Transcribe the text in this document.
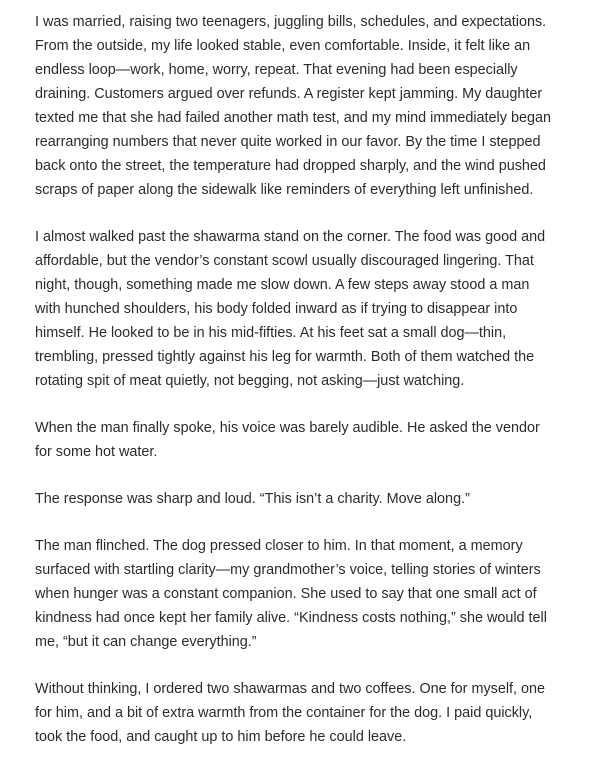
I was married, raising two teenagers, juggling bills, schedules, and expectations.
From the outside, my life looked stable, even comfortable. Inside, it felt like an
endless loop—work, home, worry, repeat. That evening had been especially
draining. Customers argued over refunds. A register kept jamming. My daughter
texted me that she had failed another math test, and my mind immediately began
rearranging numbers that never quite worked in our favor. By the time I stepped
back onto the street, the temperature had dropped sharply, and the wind pushed
scraps of paper along the sidewalk like reminders of everything left unfinished.

I almost walked past the shawarma stand on the corner. The food was good and
affordable, but the vendor’s constant scowl usually discouraged lingering. That
night, though, something made me slow down. A few steps away stood a man
with hunched shoulders, his body folded inward as if trying to disappear into
himself. He looked to be in his mid-fifties. At his feet sat a small dog—thin,
trembling, pressed tightly against his leg for warmth. Both of them watched the
rotating spit of meat quietly, not begging, not asking—just watching.

When the man finally spoke, his voice was barely audible. He asked the vendor
for some hot water.

The response was sharp and loud. “This isn’t a charity. Move along.”

The man flinched. The dog pressed closer to him. In that moment, a memory
surfaced with startling clarity—my grandmother’s voice, telling stories of winters
when hunger was a constant companion. She used to say that one small act of
kindness had once kept her family alive. “Kindness costs nothing,” she would tell
me, “but it can change everything.”

Without thinking, I ordered two shawarmas and two coffees. One for myself, one
for him, and a bit of extra warmth from the container for the dog. I paid quickly,
took the food, and caught up to him before he could leave.
